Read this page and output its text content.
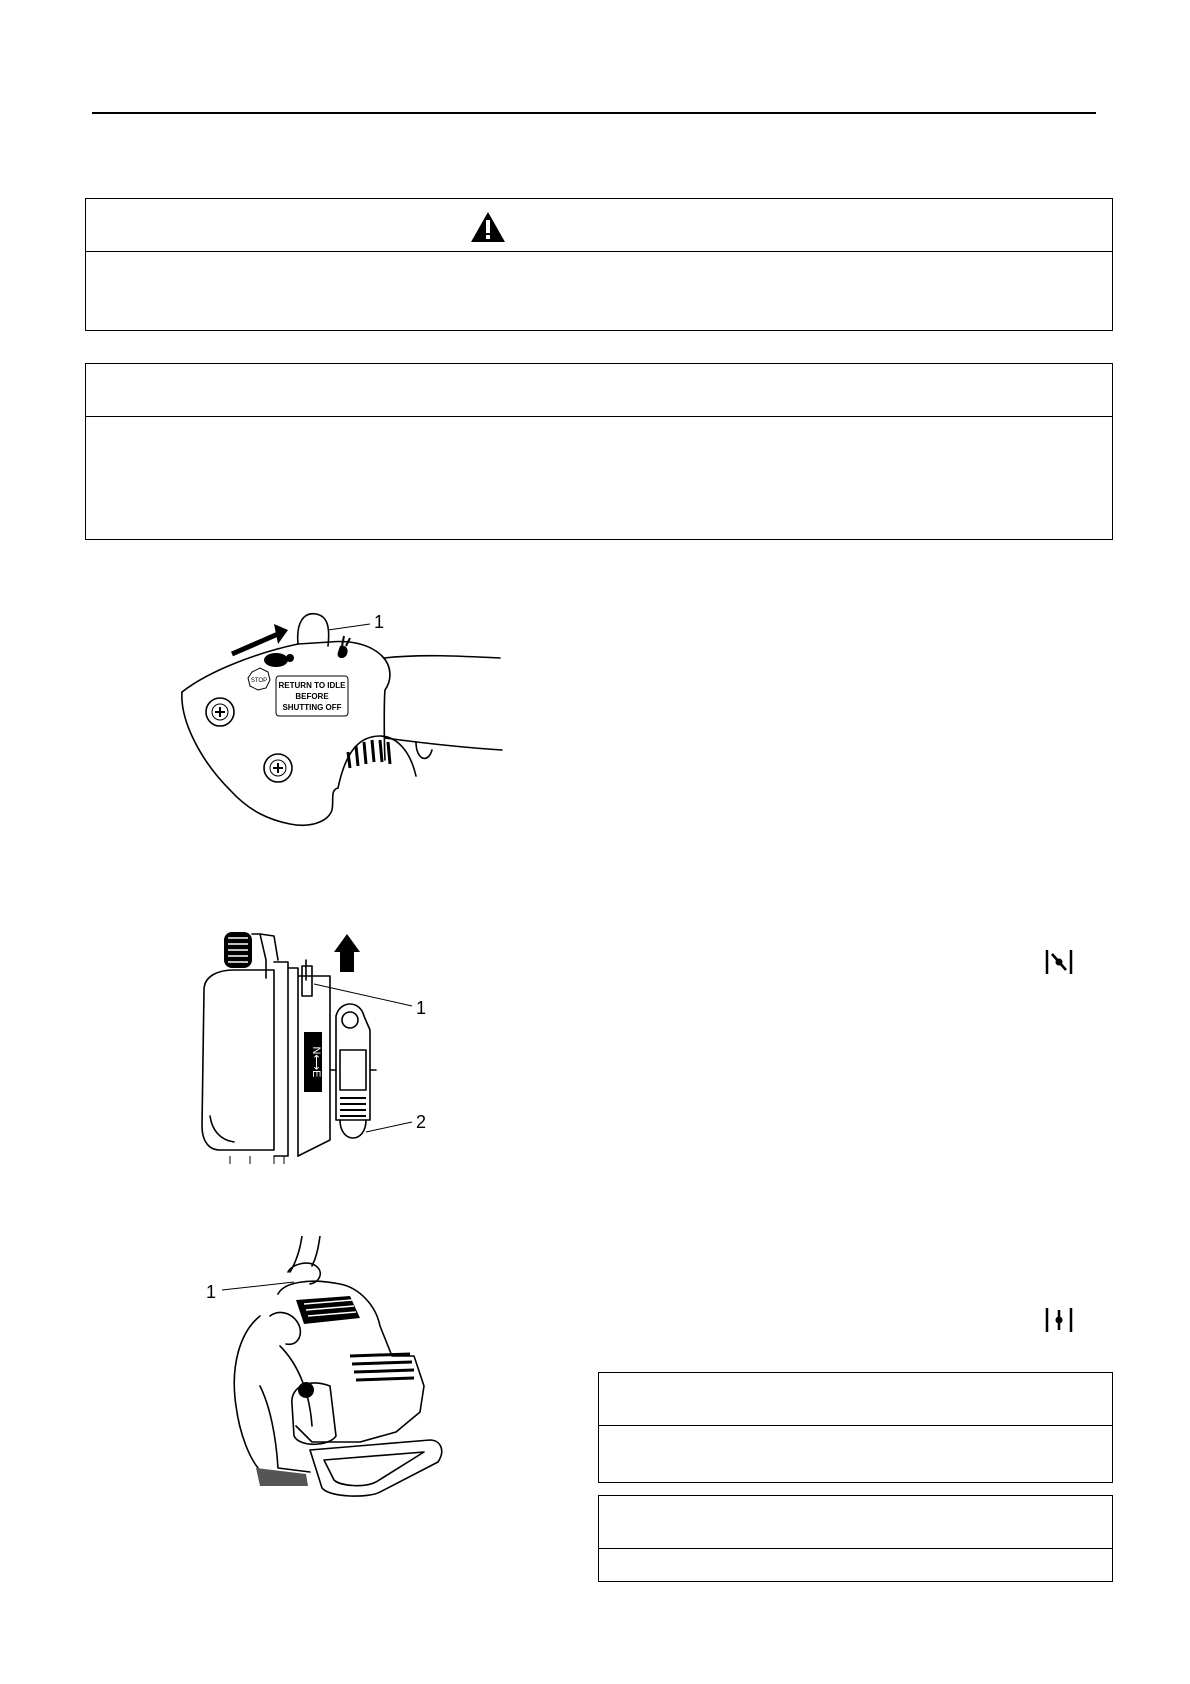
STOP RETURN TO IDLE
BEFORE
SHUTTING OFF
1
N⟷E
1
2
1
